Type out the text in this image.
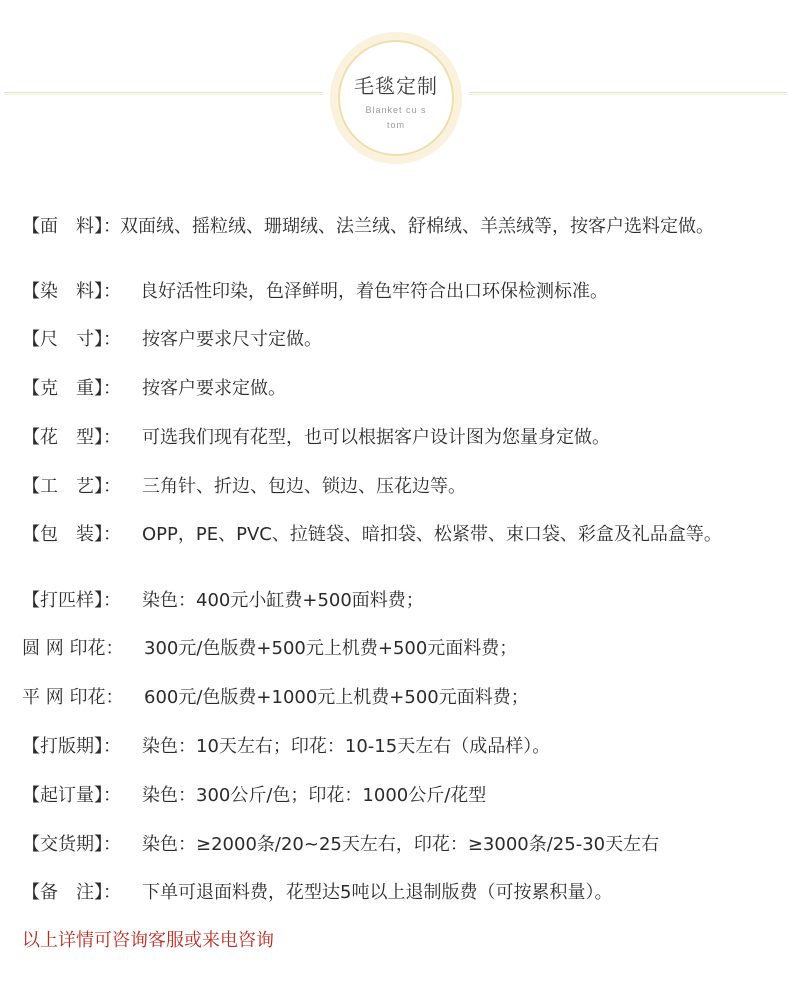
毛毯定制
Blanket cu stom
【面　料】： 双面绒、摇粒绒、珊瑚绒、法兰绒、舒棉绒、羊羔绒等，按客户选料定做。
【染　料】： 良好活性印染，色泽鲜明，着色牢符合出口环保检测标准。
【尺　寸】： 按客户要求尺寸定做。
【克　重】： 按客户要求定做。
【花　型】： 可选我们现有花型，也可以根据客户设计图为您量身定做。
【工　艺】： 三角针、折边、包边、锁边、压花边等。
【包　装】： OPP，PE、PVC、拉链袋、暗扣袋、松紧带、束口袋、彩盒及礼品盒等。
【打匹样】： 染色：400元小缸费+500面料费；
圆 网 印花： 300元/色版费+500元上机费+500元面料费；
平 网 印花： 600元/色版费+1000元上机费+500元面料费；
【打版期】： 染色：10天左右；印花：10-15天左右（成品样）。
【起订量】： 染色：300公斤/色；印花：1000公斤/花型
【交货期】： 染色：≥2000条/20~25天左右，印花：≥3000条/25-30天左右
【备　注】： 下单可退面料费，花型达5吨以上退制版费（可按累积量）。
以上详情可咨询客服或来电咨询
